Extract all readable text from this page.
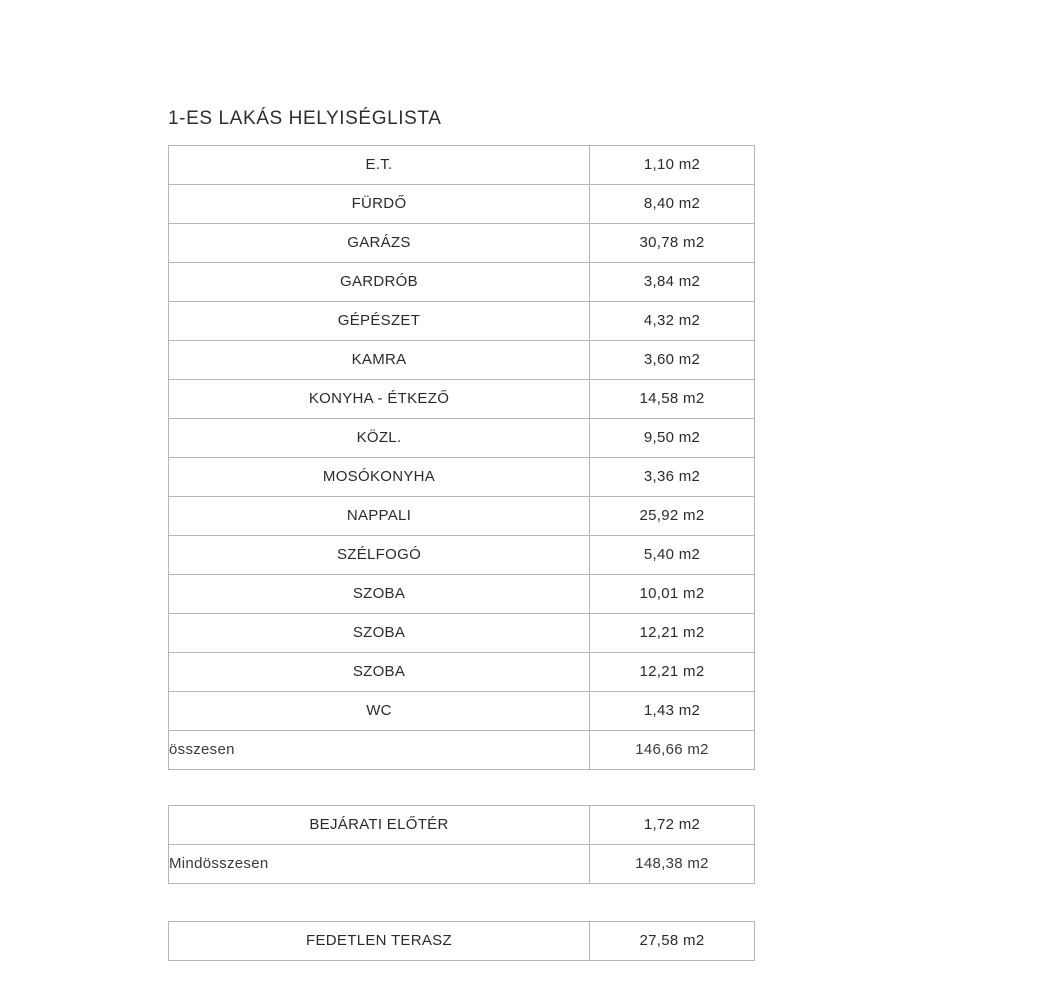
1-ES LAKÁS HELYISÉGLISTA
E.T.	1,10 m2

FÜRDŐ	8,40 m2

GARÁZS	30,78 m2

GARDRÓB	3,84 m2

GÉPÉSZET	4,32 m2

KAMRA	3,60 m2

KONYHA - ÉTKEZŐ	14,58 m2

KÖZL.	9,50 m2

MOSÓKONYHA	3,36 m2

NAPPALI	25,92 m2

SZÉLFOGÓ	5,40 m2

SZOBA	10,01 m2

SZOBA	12,21 m2

SZOBA	12,21 m2

WC	1,43 m2

összesen	146,66 m2
BEJÁRATI ELŐTÉR	1,72 m2

Mindösszesen	148,38 m2
FEDETLEN TERASZ	27,58 m2
